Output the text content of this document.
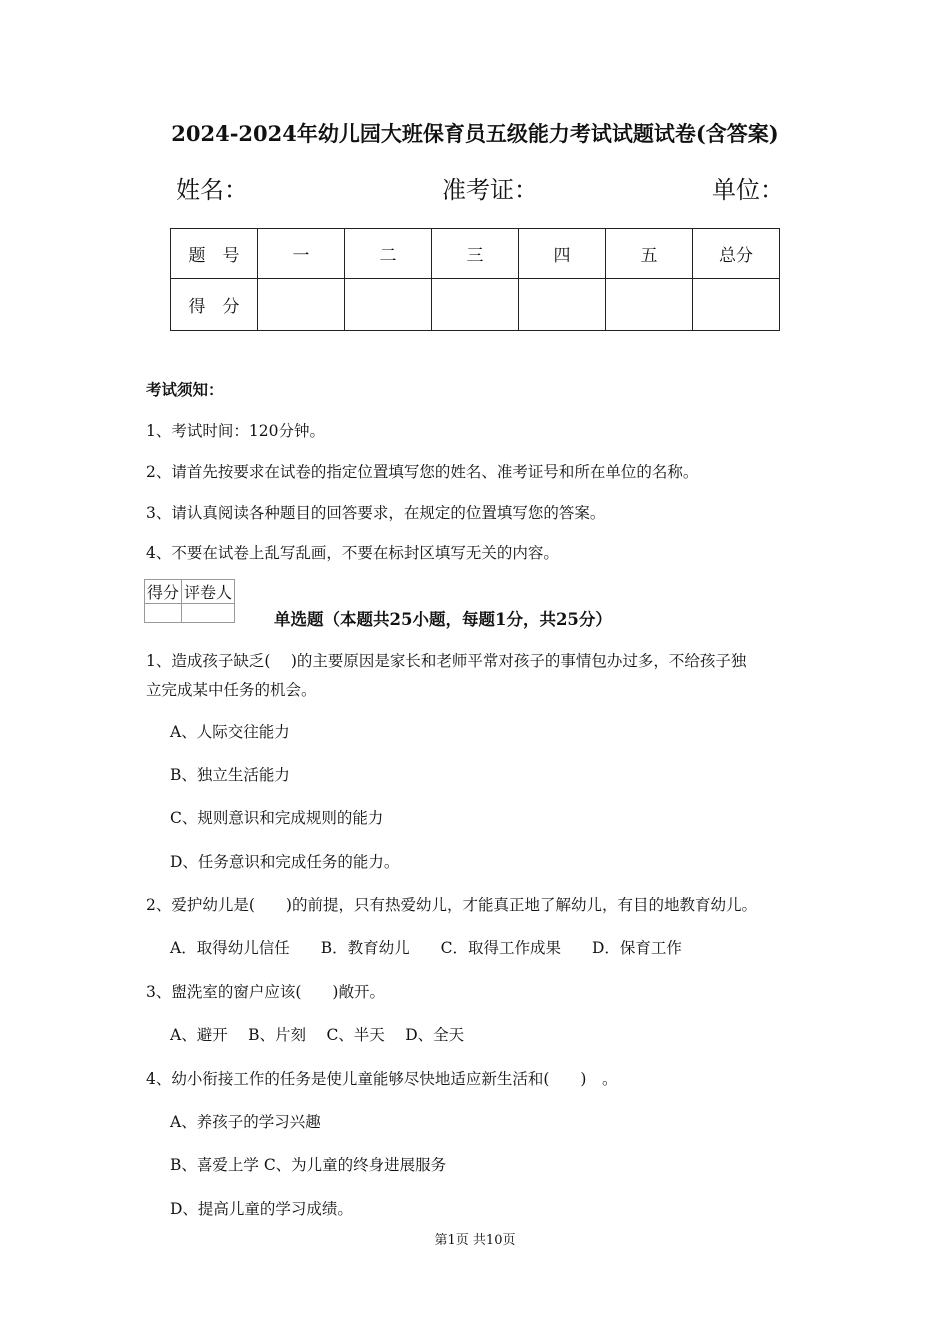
2024-2024年幼儿园大班保育员五级能力考试试题试卷(含答案)
姓名：	准考证：	单位：
题　号	一	二	三	四	五	总分
得　分						
考试须知：
1、考试时间：120分钟。
2、请首先按要求在试卷的指定位置填写您的姓名、准考证号和所在单位的名称。
3、请认真阅读各种题目的回答要求，在规定的位置填写您的答案。
4、不要在试卷上乱写乱画，不要在标封区填写无关的内容。
得分	评卷人

单选题（本题共25小题，每题1分，共25分）
1、造成孩子缺乏(　 )的主要原因是家长和老师平常对孩子的事情包办过多，不给孩子独
立完成某中任务的机会。
A、人际交往能力
B、独立生活能力
C、规则意识和完成规则的能力
D、任务意识和完成任务的能力。
2、爱护幼儿是(　　)的前提，只有热爱幼儿，才能真正地了解幼儿，有目的地教育幼儿。
A．取得幼儿信任　　B．教育幼儿　　C．取得工作成果　　D．保育工作
3、盥洗室的窗户应该(　　)敞开。
A、避开　 B、片刻　 C、半天　 D、全天
4、幼小衔接工作的任务是使儿童能够尽快地适应新生活和(　　)　。
A、养孩子的学习兴趣
B、喜爱上学 C、为儿童的终身进展服务
D、提高儿童的学习成绩。
第1页 共10页
